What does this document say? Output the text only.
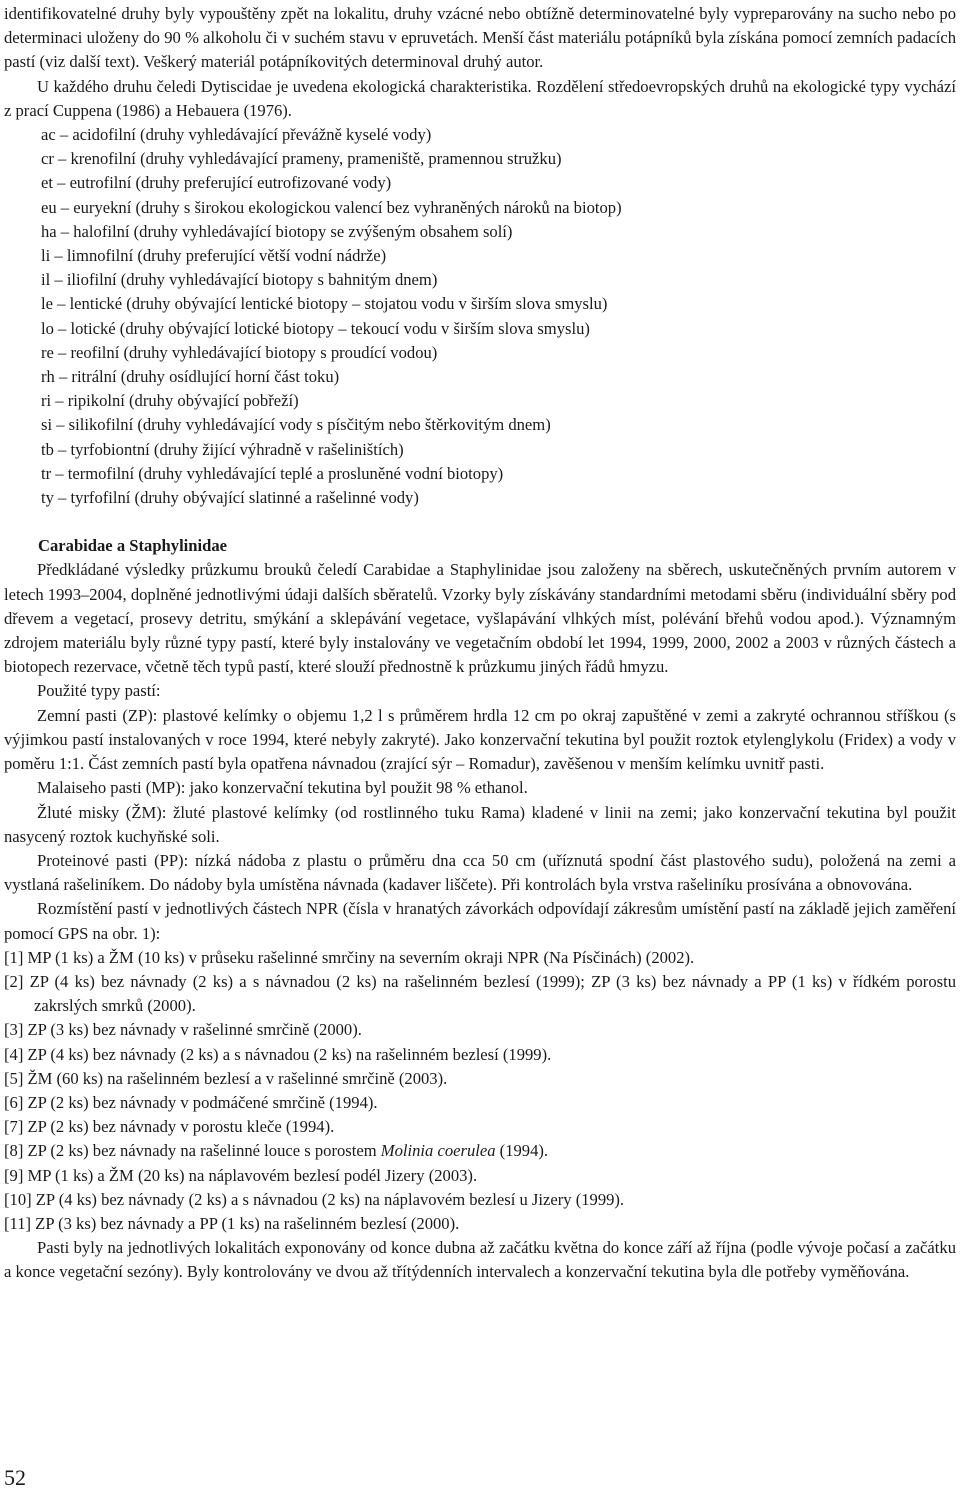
identifikovatelné druhy byly vypouštěny zpět na lokalitu, druhy vzácné nebo obtížně determinovatelné byly vypreparovány na sucho nebo po determinaci uloženy do 90 % alkoholu či v suchém stavu v epruvetách. Menší část materiálu potápníků byla získána pomocí zemních padacích pastí (viz další text). Veškerý materiál potápníkovitých determinoval druhý autor.

U každého druhu čeledi Dytiscidae je uvedena ekologická charakteristika. Rozdělení středoevropských druhů na ekologické typy vychází z prací Cuppena (1986) a Hebauera (1976).

ac – acidofilní (druhy vyhledávající převážně kyselé vody)
cr – krenofilní (druhy vyhledávající prameny, prameniště, pramennou stružku)
et – eutrofilní (druhy preferující eutrofizované vody)
eu – euryekní (druhy s širokou ekologickou valencí bez vyhraněných nároků na biotop)
ha – halofilní (druhy vyhledávající biotopy se zvýšeným obsahem solí)
li – limnofilní (druhy preferující větší vodní nádrže)
il – iliofilní (druhy vyhledávající biotopy s bahnitým dnem)
le – lentické (druhy obývající lentické biotopy – stojatou vodu v širším slova smyslu)
lo – lotické (druhy obývající lotické biotopy – tekoucí vodu v širším slova smyslu)
re – reofilní (druhy vyhledávající biotopy s proudící vodou)
rh – ritrální (druhy osídlující horní část toku)
ri – ripikolní (druhy obývající pobřeží)
si – silikofilní (druhy vyhledávající vody s písčitým nebo štěrkovitým dnem)
tb – tyrfobiontní (druhy žijící výhradně v rašeliništích)
tr – termofilní (druhy vyhledávající teplé a prosluněné vodní biotopy)
ty – tyrfofilní (druhy obývající slatinné a rašelinné vody)

Carabidae a Staphylinidae

Předkládané výsledky průzkumu brouků čeledí Carabidae a Staphylinidae jsou založeny na sběrech, uskutečněných prvním autorem v letech 1993–2004, doplněné jednotlivými údaji dalších sběratelů. Vzorky byly získávány standardními metodami sběru (individuální sběry pod dřevem a vegetací, prosevy detritu, smýkání a sklepávání vegetace, vyšlapávání vlhkých míst, polévání břehů vodou apod.). Významným zdrojem materiálu byly různé typy pastí, které byly instalovány ve vegetačním období let 1994, 1999, 2000, 2002 a 2003 v různých částech a biotopech rezervace, včetně těch typů pastí, které slouží přednostně k průzkumu jiných řádů hmyzu.

Použité typy pastí:

Zemní pasti (ZP): plastové kelímky o objemu 1,2 l s průměrem hrdla 12 cm po okraj zapuštěné v zemi a zakryté ochrannou stříškou (s výjimkou pastí instalovaných v roce 1994, které nebyly zakryté). Jako konzervační tekutina byl použit roztok etylenglykolu (Fridex) a vody v poměru 1:1. Část zemních pastí byla opatřena návnadou (zrající sýr – Romadur), zavěšenou v menším kelímku uvnitř pasti.

Malaiseho pasti (MP): jako konzervační tekutina byl použit 98 % ethanol.

Žluté misky (ŽM): žluté plastové kelímky (od rostlinného tuku Rama) kladené v linii na zemi; jako konzervační tekutina byl použit nasycený roztok kuchyňské soli.

Proteinové pasti (PP): nízká nádoba z plastu o průměru dna cca 50 cm (uříznutá spodní část plastového sudu), položená na zemi a vystlaná rašeliníkem. Do nádoby byla umístěna návnada (kadaver liščete). Při kontrolách byla vrstva rašeliníku prosívána a obnovována.

Rozmístění pastí v jednotlivých částech NPR (čísla v hranatých závorkách odpovídají zákresům umístění pastí na základě jejich zaměření pomocí GPS na obr. 1):

[1] MP (1 ks) a ŽM (10 ks) v průseku rašelinné smrčiny na severním okraji NPR (Na Písčinách) (2002).
[2] ZP (4 ks) bez návnady (2 ks) a s návnadou (2 ks) na rašelinném bezlesí (1999); ZP (3 ks) bez návnady a PP (1 ks) v řídkém porostu zakrslých smrků (2000).
[3] ZP (3 ks) bez návnady v rašelinné smrčině (2000).
[4] ZP (4 ks) bez návnady (2 ks) a s návnadou (2 ks) na rašelinném bezlesí (1999).
[5] ŽM (60 ks) na rašelinném bezlesí a v rašelinné smrčině (2003).
[6] ZP (2 ks) bez návnady v podmáčené smrčině (1994).
[7] ZP (2 ks) bez návnady v porostu kleče (1994).
[8] ZP (2 ks) bez návnady na rašelinné louce s porostem Molinia coerulea (1994).
[9] MP (1 ks) a ŽM (20 ks) na náplavovém bezlesí podél Jizery (2003).
[10] ZP (4 ks) bez návnady (2 ks) a s návnadou (2 ks) na náplavovém bezlesí u Jizery (1999).
[11] ZP (3 ks) bez návnady a PP (1 ks) na rašelinném bezlesí (2000).

Pasti byly na jednotlivých lokalitách exponovány od konce dubna až začátku května do konce září až října (podle vývoje počasí a začátku a konce vegetační sezóny). Byly kontrolovány ve dvou až třítýdenních intervalech a konzervační tekutina byla dle potřeby vyměňována.

52
